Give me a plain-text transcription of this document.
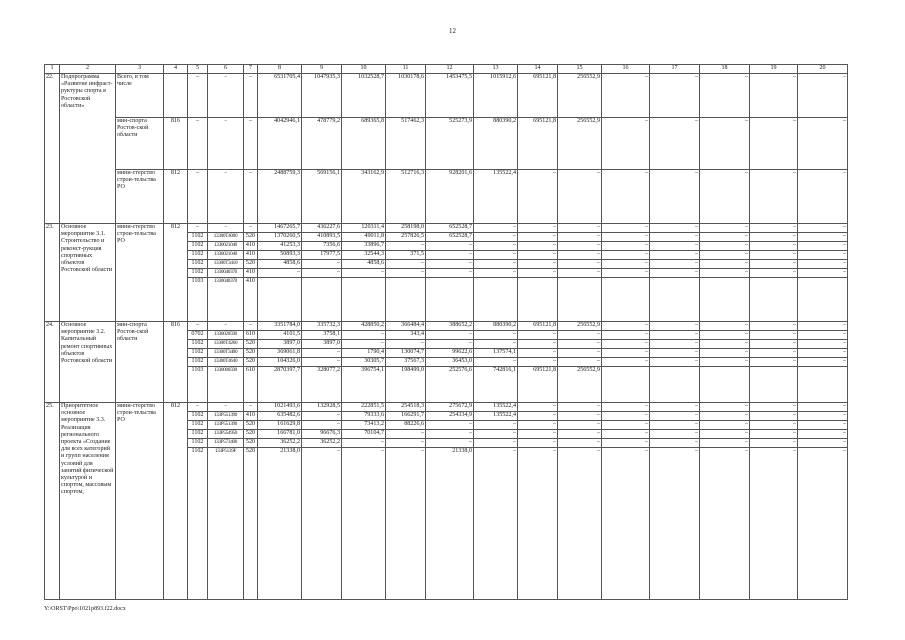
12
1	2	3	4	5	6	7	8	9	10	11	12	13	14	15	16	17	18	19	20
22.	Подпрограмма «Развитие инфраст-руктуры спорта в Ростовской области»	Всего, в том числе		–	–	–	6531705,4	1047935,3	1032528,7	1030178,6	1453475,5	1015912,6	695121,8	256552,9	–	–	–	–	–
		мин-спорта Ростов-ской области	816	–	–	–	4042946,1	478779,2	689365,8	517462,3	525273,9	880390,2	695121,8	256552,9	–	–	–	–	–
		мини-стерство строи-тельства РО	812	–	–	–	2488759,3	569156,1	343162,9	512716,3	928201,6	135522,4	–	–	–	–	–	–	–
23.	Основное мероприятие 3.1. Строительство и реконст-рукция спортивных объектов Ростовской области	мини-стерство строи-тельства РО	812	–	–	–	1467265,7	436227,6	120311,4	258198,0	652528,7	–	–	–	–	–	–	–	–
				1102	13300Т4000	520	1370260,5	410893,5	49011,8	257826,5	652528,7	–	–	–	–	–	–	–	–
				1102	1330021040	410	41253,3	7356,6	33896,7	–	–	–	–	–	–	–	–	–	–
				1102	1330021040	410	50893,3	17977,5	32544,3	371,5	–	–	–	–	–	–	–	–	–
				1102	13300Т3410	520	4858,6	–	4858,6	–	–	–	–	–	–	–	–	–	–
				1102	1330040370	410	–	–	–	–	–	–	–	–	–	–	–	–	–
				1103	1330040370	410													
24.	Основное мероприятие 3.2. Капитальный ремонт спортивных объектов Ростовской области	мин-спорта Ростов-ской области	816	–	–	–	3351784,0	335732,3	428850,2	366484,4	388652,2	880390,2	695121,8	256552,9	–	–	–	–	–
				0702	1330020590	610	4101,5	3758,1	–	343,4	–	–	–	–	–	–	–	–	–
				1102	13300Т4260	520	3897,0	3897,0	–	–	–	–	–	–	–	–	–	–	–
				1102	13300Т3400	520	369061,8	–	1790,4	130074,7	99622,6	137574,1	–	–	–	–	–	–	–
				1102	13300Т4640	520	104326,0	–	30305,7	37567,3	36453,0	–	–	–	–	–	–	–	–
				1103	1330000590	610	2870397,7	328077,2	396754,1	198499,0	252576,6	742816,1	695121,8	256552,9					
25.	Приоритетное основное мероприятие 3.3. Реализация регионального проекта «Создание для всех категорий и групп населения условий для занятий физической культурой и спортом, массовым спортом,	мини-стерство строи-тельства РО	812	–	–	–	1021493,6	132928,5	222851,5	254518,3	275672,9	135522,4	–	–	–	–	–	–	–
				1102	133Р551390	410	635482,6	–	79333,6	166291,7	254334,9	135522,4	–	–	–	–	–	–	–
				1102	133Р551390	520	161629,8	–	73413,2	88226,6	–	–	–	–	–	–	–	–	–
				1102	133Р554950	520	166781,0	96676,3	70104,7	–	–	–	–	–	–	–	–	–	–
				1102	133Р573400	520	36252,2	36252,2	–	–	–	–	–	–	–	–	–	–	–
				1102	133Р5139F	520	21338,0	–	–	–	21338,0	–	–	–	–	–	–	–	–
Y:\ORST\Ppo\1021p893.f22.docx
